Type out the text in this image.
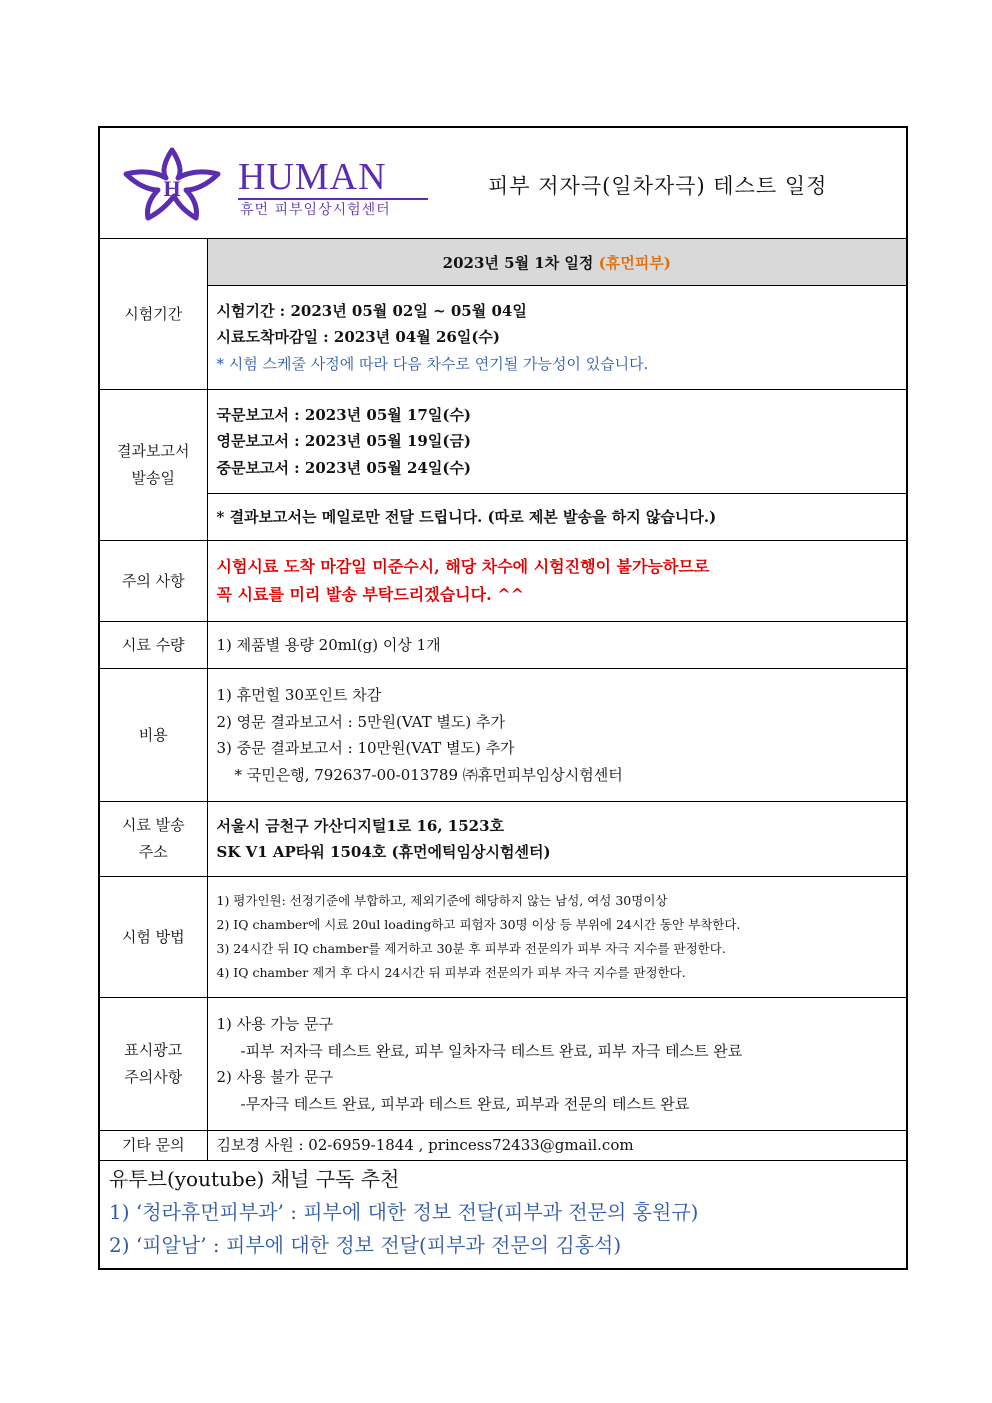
H HUMAN
휴먼 피부임상시험센터
피부 저자극(일차자극) 테스트 일정	

시험기간	2023년 5월 1차 일정 (휴먼피부)

	시험기간 : 2023년 05월 02일 ~ 05월 04일
시료도착마감일 : 2023년 04월 26일(수)
* 시험 스케줄 사정에 따라 다음 차수로 연기될 가능성이 있습니다.

결과보고서
발송일	국문보고서 : 2023년 05월 17일(수)
영문보고서 : 2023년 05월 19일(금)
중문보고서 : 2023년 05월 24일(수)

	* 결과보고서는 메일로만 전달 드립니다. (따로 제본 발송을 하지 않습니다.)
주의 사항	시험시료 도착 마감일 미준수시, 해당 차수에 시험진행이 불가능하므로
꼭 시료를 미리 발송 부탁드리겠습니다. ^^

시료 수량	1) 제품별 용량 20ml(g) 이상 1개
비용	1) 휴먼힐 30포인트 차감
2) 영문 결과보고서 : 5만원(VAT 별도) 추가
3) 중문 결과보고서 : 10만원(VAT 별도) 추가
* 국민은행, 792637-00-013789 ㈜휴먼피부임상시험센터

시료 발송
주소	서울시 금천구 가산디지털1로 16, 1523호
SK V1 AP타워 1504호 (휴먼에틱임상시험센터)

시험 방법	1) 평가인원: 선정기준에 부합하고, 제외기준에 해당하지 않는 남성, 여성 30명이상
2) IQ chamber에 시료 20ul loading하고 피험자 30명 이상 등 부위에 24시간 동안 부착한다.
3) 24시간 뒤 IQ chamber를 제거하고 30분 후 피부과 전문의가 피부 자극 지수를 판정한다.
4) IQ chamber 제거 후 다시 24시간 뒤 피부과 전문의가 피부 자극 지수를 판정한다.

표시광고
주의사항	1) 사용 가능 문구
-피부 저자극 테스트 완료, 피부 일차자극 테스트 완료, 피부 자극 테스트 완료
2) 사용 불가 문구
-무자극 테스트 완료, 피부과 테스트 완료, 피부과 전문의 테스트 완료

기타 문의	김보경 사원 : 02-6959-1844 , princess72433@gmail.com

유투브(youtube) 채널 구독 추천
1) ‘청라휴먼피부과’ : 피부에 대한 정보 전달(피부과 전문의 홍원규)
2) ‘피알남’ : 피부에 대한 정보 전달(피부과 전문의 김홍석)	
